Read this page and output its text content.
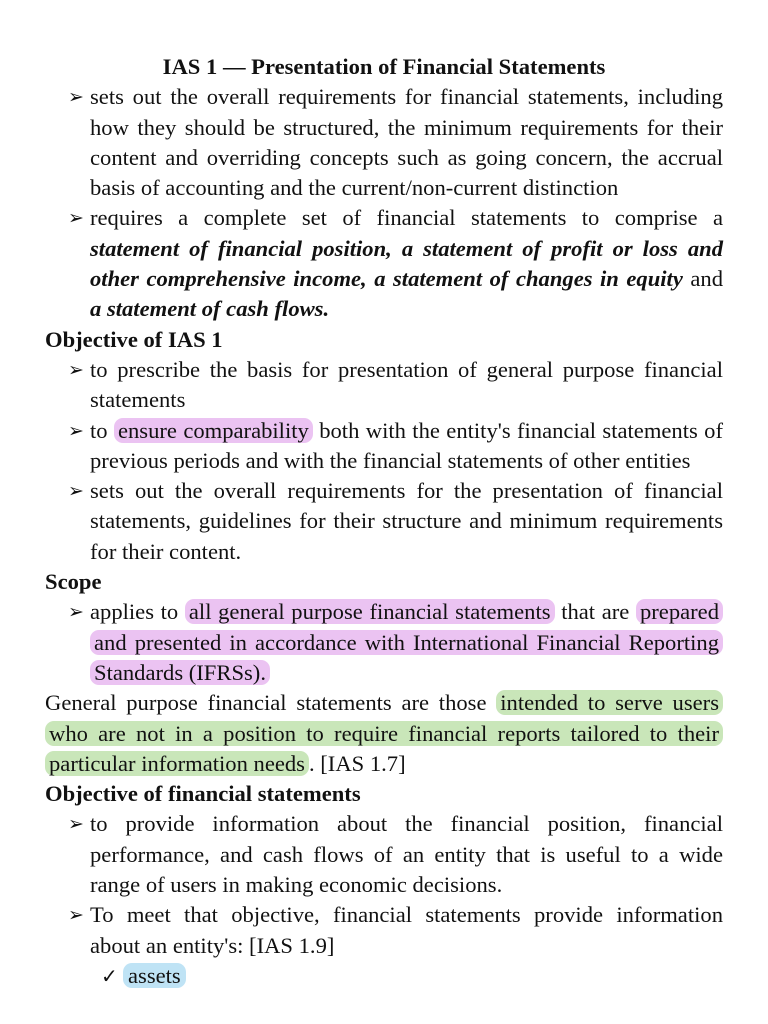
IAS 1 — Presentation of Financial Statements
➢ sets out the overall requirements for financial statements, including how they should be structured, the minimum requirements for their content and overriding concepts such as going concern, the accrual basis of accounting and the current/non-current distinction
➢ requires a complete set of financial statements to comprise a statement of financial position, a statement of profit or loss and other comprehensive income, a statement of changes in equity and a statement of cash flows.
Objective of IAS 1
➢ to prescribe the basis for presentation of general purpose financial statements
➢ to ensure comparability both with the entity's financial statements of previous periods and with the financial statements of other entities
➢ sets out the overall requirements for the presentation of financial statements, guidelines for their structure and minimum requirements for their content.
Scope
➢ applies to all general purpose financial statements that are prepared and presented in accordance with International Financial Reporting Standards (IFRSs).
General purpose financial statements are those intended to serve users who are not in a position to require financial reports tailored to their particular information needs . [IAS 1.7]
Objective of financial statements
➢ to provide information about the financial position, financial performance, and cash flows of an entity that is useful to a wide range of users in making economic decisions.
➢ To meet that objective, financial statements provide information about an entity's: [IAS 1.9]
✓ assets
